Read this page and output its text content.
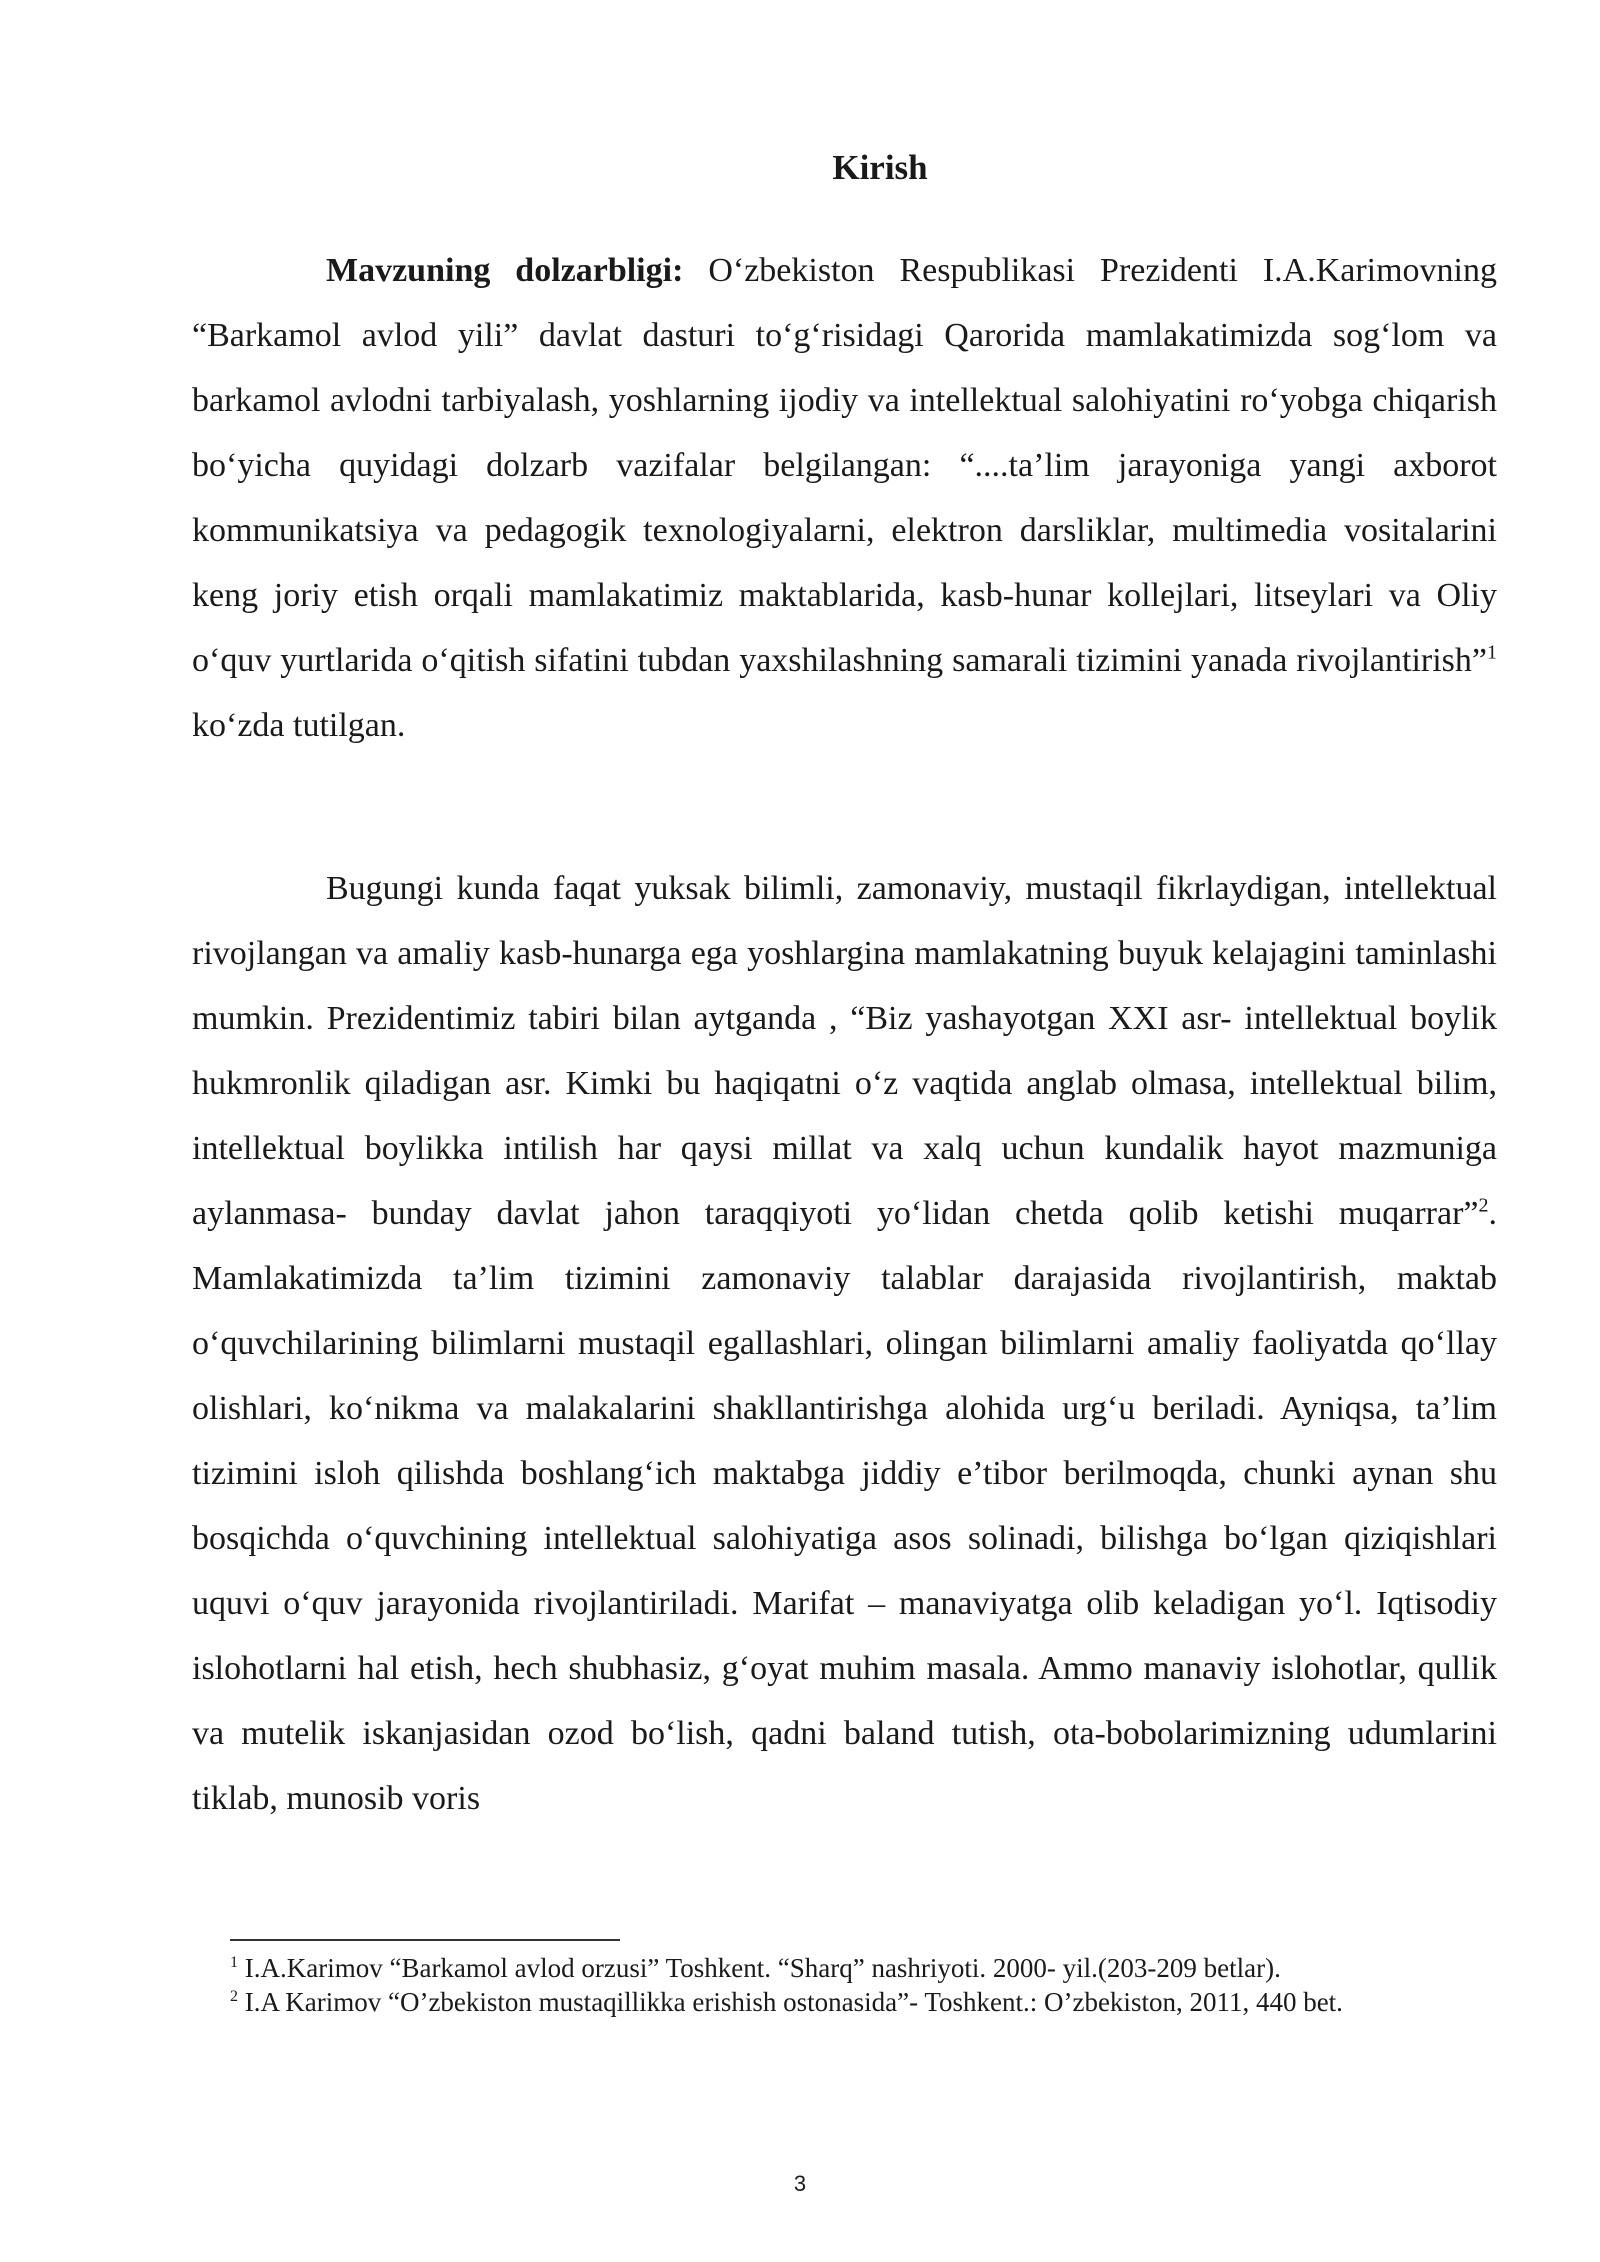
Kirish

Mavzuning dolzarbligi: O‘zbekiston Respublikasi Prezidenti I.A.Karimovning “Barkamol avlod yili” davlat dasturi to‘g‘risidagi Qarorida mamlakatimizda sog‘lom va barkamol avlodni tarbiyalash, yoshlarning ijodiy va intellektual salohiyatini ro‘yobga chiqarish bo‘yicha quyidagi dolzarb vazifalar belgilangan: “....ta’lim jarayoniga yangi axborot kommunikatsiya va pedagogik texnologiyalarni, elektron darsliklar, multimedia vositalarini keng joriy etish orqali mamlakatimiz maktablarida, kasb-hunar kollejlari, litseylari va Oliy o‘quv yurtlarida o‘qitish sifatini tubdan yaxshilashning samarali tizimini yanada rivojlantirish”$^1$ ko‘zda tutilgan.

Bugungi kunda faqat yuksak bilimli, zamonaviy, mustaqil fikrlaydigan, intellektual rivojlangan va amaliy kasb-hunarga ega yoshlargina mamlakatning buyuk kelajagini taminlashi mumkin. Prezidentimiz tabiri bilan aytganda , “Biz yashayotgan XXI asr- intellektual boylik hukmronlik qiladigan asr. Kimki bu haqiqatni o‘z vaqtida anglab olmasa, intellektual bilim, intellektual boylikka intilish har qaysi millat va xalq uchun kundalik hayot mazmuniga aylanmasa- bunday davlat jahon taraqqiyoti yo‘lidan chetda qolib ketishi muqarrar”$^2$. Mamlakatimizda ta’lim tizimini zamonaviy talablar darajasida rivojlantirish, maktab o‘quvchilarining bilimlarni mustaqil egallashlari, olingan bilimlarni amaliy faoliyatda qo‘llay olishlari, ko‘nikma va malakalarini shakllantirishga alohida urg‘u beriladi. Ayniqsa, ta’lim tizimini isloh qilishda boshlang‘ich maktabga jiddiy e’tibor berilmoqda, chunki aynan shu bosqichda o‘quvchining intellektual salohiyatiga asos solinadi, bilishga bo‘lgan qiziqishlari uquvi o‘quv jarayonida rivojlantiriladi. Marifat – manaviyatga olib keladigan yo‘l. Iqtisodiy islohotlarni hal etish, hech shubhasiz, g‘oyat muhim masala. Ammo manaviy islohotlar, qullik va mutelik iskanjasidan ozod bo‘lish, qadni baland tutish, ota-bobolarimizning udumlarini tiklab, munosib voris

$^1$ I.A.Karimov “Barkamol avlod orzusi” Toshkent. “Sharq” nashriyoti. 2000- yil.(203-209 betlar).

$^2$ I.A Karimov “O’zbekiston mustaqillikka erishish ostonasida”- Toshkent.: O’zbekiston, 2011, 440 bet.

3
